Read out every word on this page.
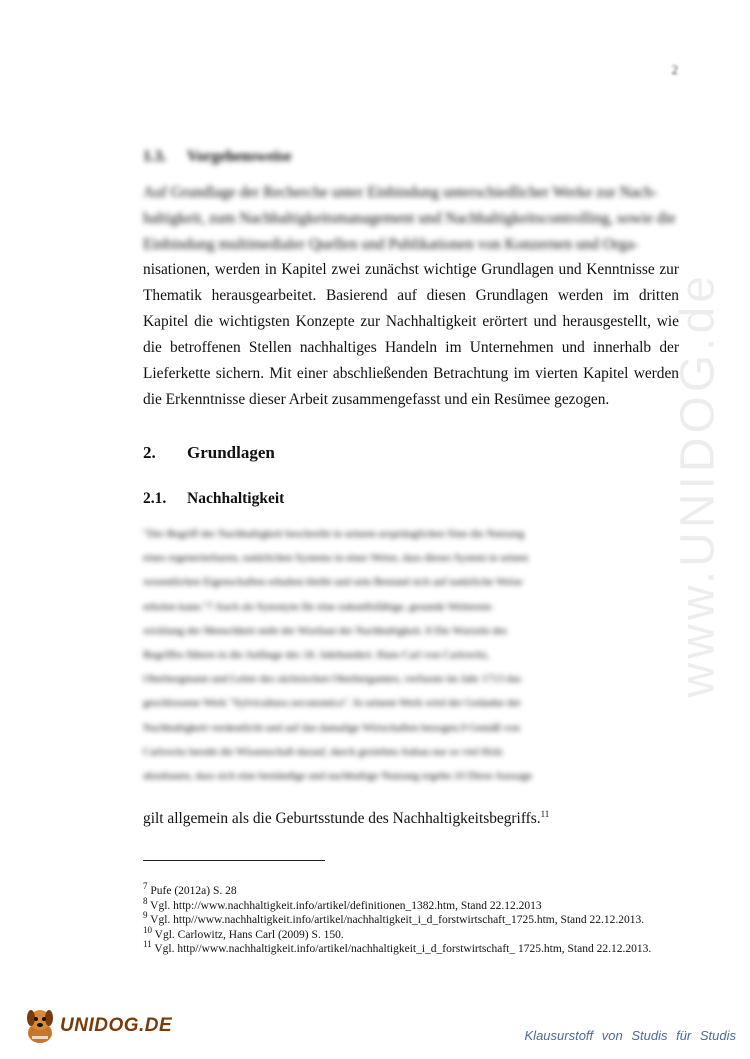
2
www.UNIDOG.de
1.3. Vorgehensweise
Auf Grundlage der Recherche unter Einbindung unterschiedlicher Werke zur Nach-
haltigkeit, zum Nachhaltigkeitsmanagement und Nachhaltigkeitscontrolling, sowie die
Einbindung multimedialer Quellen und Publikationen von Konzernen und Orga-

nisationen, werden in Kapitel zwei zunächst wichtige Grundlagen und Kenntnisse zur Thematik herausgearbeitet. Basierend auf diesen Grundlagen werden im dritten Kapitel die wichtigsten Konzepte zur Nachhaltigkeit erörtert und herausgestellt, wie die betroffenen Stellen nachhaltiges Handeln im Unternehmen und innerhalb der Lieferkette sichern. Mit einer abschließenden Betrachtung im vierten Kapitel werden die Erkenntnisse dieser Arbeit zusammengefasst und ein Resümee gezogen.

2. Grundlagen
2.1. Nachhaltigkeit
"Der Begriff der Nachhaltigkeit beschreibt in seinem ursprünglichen Sinn die Nutzung
eines regenerierbaren, natürlichen Systems in einer Weise, dass dieses System in seinen
wesentlichen Eigenschaften erhalten bleibt und sein Bestand sich auf natürliche Weise
erholen kann."7 Auch als Synonym für eine zukunftsfähige, gesunde Weiterent-
wicklung der Menschheit steht der Wortlaut der Nachhaltigkeit. 8 Die Wurzeln des
Begriffes führen in die Anfänge des 18. Jahrhundert. Hans Carl von Carlowitz,
Oberbergmann und Leiter des sächsischen Oberbergamtes, verfasste im Jahr 1713 das
geschlossene Werk "Sylvicultura oeconomica". In seinem Werk wird der Gedanke der
Nachhaltigkeit verdeutlicht und auf das damalige Wirtschaften bezogen.9 Gemäß von
Carlowitz beruht die Wissenschaft darauf, durch gezielten Anbau nur so viel Holz
abzubauen, dass sich eine beständige und nachhaltige Nutzung ergebe.10 Diese Aussage

gilt allgemein als die Geburtsstunde des Nachhaltigkeitsbegriffs.$^{11}$

$^7$ Pufe (2012a) S. 28

$^8$ Vgl. http://www.nachhaltigkeit.info/artikel/definitionen_1382.htm, Stand 22.12.2013

$^9$ Vgl. http//www.nachhaltigkeit.info/artikel/nachhaltigkeit_i_d_forstwirtschaft_1725.htm, Stand 22.12.2013.

$^{10}$ Vgl. Carlowitz, Hans Carl (2009) S. 150.

$^{11}$ Vgl. http//www.nachhaltigkeit.info/artikel/nachhaltigkeit_i_d_forstwirtschaft_ 1725.htm, Stand 22.12.2013.

UNIDOG.DE	Klausurstoff von Studis für Studis
